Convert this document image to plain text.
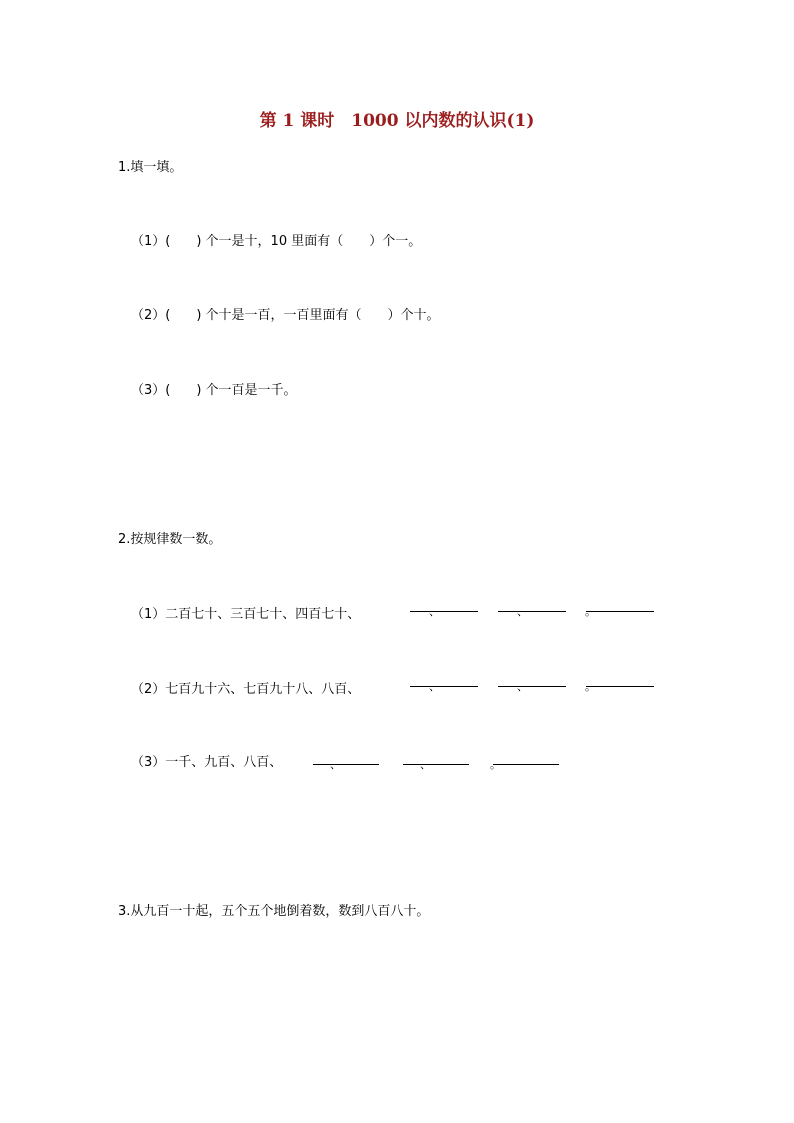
第 1 课时　1000 以内数的认识(1)
1.填一填。
（1）(　　) 个一是十，10 里面有（　　）个一。
（2）(　　) 个十是一百，一百里面有（　　）个十。
（3）(　　) 个一百是一千。
2.按规律数一数。
（1）二百七十、三百七十、四百七十、	、	、	。
（2）七百九十六、七百九十八、八百、	、	、	。
（3）一千、九百、八百、	、	、	。
3.从九百一十起，五个五个地倒着数，数到八百八十。
